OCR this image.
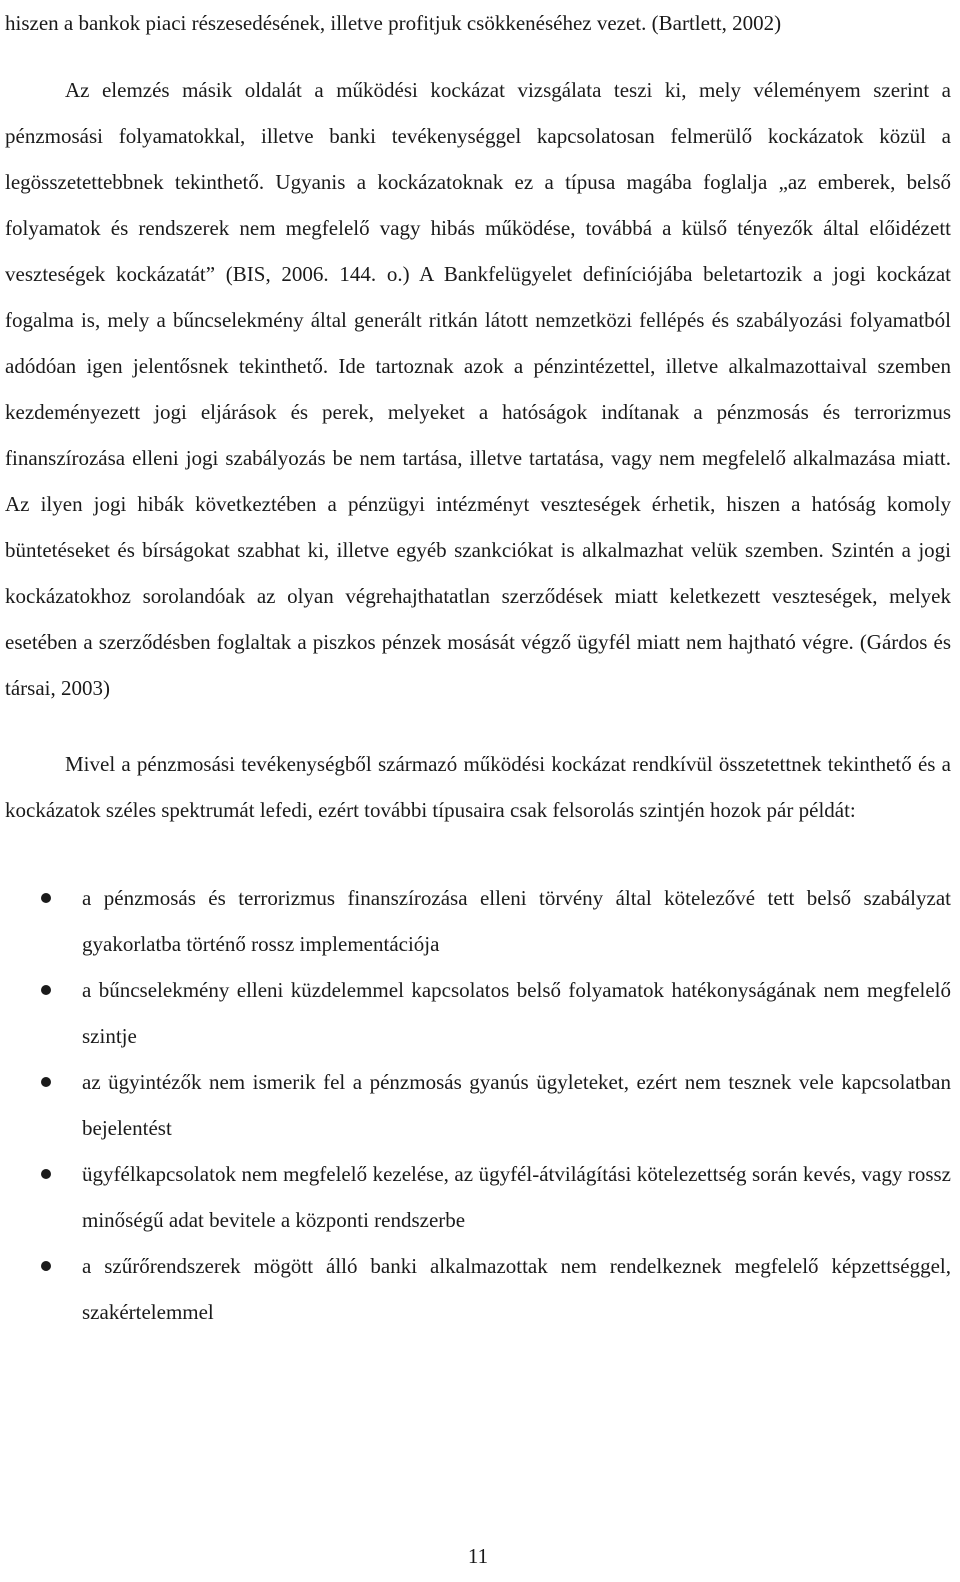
hiszen a bankok piaci részesedésének, illetve profitjuk csökkenéséhez vezet. (Bartlett, 2002)

Az elemzés másik oldalát a működési kockázat vizsgálata teszi ki, mely véleményem szerint a pénzmosási folyamatokkal, illetve banki tevékenységgel kapcsolatosan felmerülő kockázatok közül a legösszetettebbnek tekinthető. Ugyanis a kockázatoknak ez a típusa magába foglalja „az emberek, belső folyamatok és rendszerek nem megfelelő vagy hibás működése, továbbá a külső tényezők által előidézett veszteségek kockázatát” (BIS, 2006. 144. o.) A Bankfelügyelet definíciójába beletartozik a jogi kockázat fogalma is, mely a bűncselekmény által generált ritkán látott nemzetközi fellépés és szabályozási folyamatból adódóan igen jelentősnek tekinthető. Ide tartoznak azok a pénzintézettel, illetve alkalmazottaival szemben kezdeményezett jogi eljárások és perek, melyeket a hatóságok indítanak a pénzmosás és terrorizmus finanszírozása elleni jogi szabályozás be nem tartása, illetve tartatása, vagy nem megfelelő alkalmazása miatt. Az ilyen jogi hibák következtében a pénzügyi intézményt veszteségek érhetik, hiszen a hatóság komoly büntetéseket és bírságokat szabhat ki, illetve egyéb szankciókat is alkalmazhat velük szemben. Szintén a jogi kockázatokhoz sorolandóak az olyan végrehajthatatlan szerződések miatt keletkezett veszteségek, melyek esetében a szerződésben foglaltak a piszkos pénzek mosását végző ügyfél miatt nem hajtható végre. (Gárdos és társai, 2003)

Mivel a pénzmosási tevékenységből származó működési kockázat rendkívül összetettnek tekinthető és a kockázatok széles spektrumát lefedi, ezért további típusaira csak felsorolás szintjén hozok pár példát:

a pénzmosás és terrorizmus finanszírozása elleni törvény által kötelezővé tett belső szabályzat gyakorlatba történő rossz implementációja
a bűncselekmény elleni küzdelemmel kapcsolatos belső folyamatok hatékonyságának nem megfelelő szintje
az ügyintézők nem ismerik fel a pénzmosás gyanús ügyleteket, ezért nem tesznek vele kapcsolatban bejelentést
ügyfélkapcsolatok nem megfelelő kezelése, az ügyfél-átvilágítási kötelezettség során kevés, vagy rossz minőségű adat bevitele a központi rendszerbe
a szűrőrendszerek mögött álló banki alkalmazottak nem rendelkeznek megfelelő képzettséggel, szakértelemmel
11
